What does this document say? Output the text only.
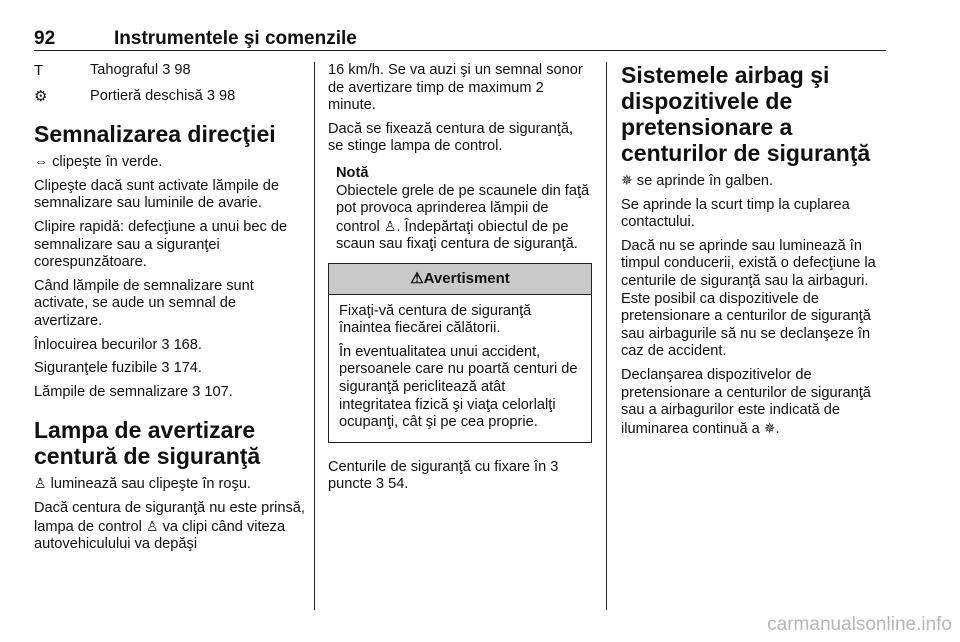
92	Instrumentele şi comenzile
T	Tahograful 3 98
⚙	Portieră deschisă 3 98
Semnalizarea direcţiei
⇔ clipeşte în verde.
Clipeşte dacă sunt activate lămpile de semnalizare sau luminile de avarie.
Clipire rapidă: defecţiune a unui bec de semnalizare sau a siguranţei corespunzătoare.
Când lămpile de semnalizare sunt activate, se aude un semnal de avertizare.
Înlocuirea becurilor 3 168.
Siguranţele fuzibile 3 174.
Lămpile de semnalizare 3 107.
Lampa de avertizare centură de siguranţă
♙ luminează sau clipeşte în roşu.
Dacă centura de siguranţă nu este prinsă, lampa de control ♙ va clipi când viteza autovehiculului va depăşi
16 km/h. Se va auzi şi un semnal sonor de avertizare timp de maximum 2 minute.
Dacă se fixează centura de siguranţă, se stinge lampa de control.
Notă
Obiectele grele de pe scaunele din faţă pot provoca aprinderea lămpii de control ♙. Îndepărtaţi obiectul de pe scaun sau fixaţi centura de siguranţă.
⚠Avertisment
Fixaţi-vă centura de siguranţă înaintea fiecărei călătorii.
În eventualitatea unui accident, persoanele care nu poartă centuri de siguranţă periclitează atât integritatea fizică şi viaţa celorlalţi ocupanţi, cât şi pe cea proprie.
Centurile de siguranţă cu fixare în 3 puncte 3 54.
Sistemele airbag şi dispozitivele de pretensionare a centurilor de siguranţă
✵ se aprinde în galben.
Se aprinde la scurt timp la cuplarea contactului.
Dacă nu se aprinde sau luminează în timpul conducerii, există o defecţiune la centurile de siguranţă sau la airbaguri. Este posibil ca dispozitivele de pretensionare a centurilor de siguranţă sau airbagurile să nu se declanşeze în caz de accident.
Declanşarea dispozitivelor de pretensionare a centurilor de siguranţă sau a airbagurilor este indicată de iluminarea continuă a ✵.
carmanualsonline.info
